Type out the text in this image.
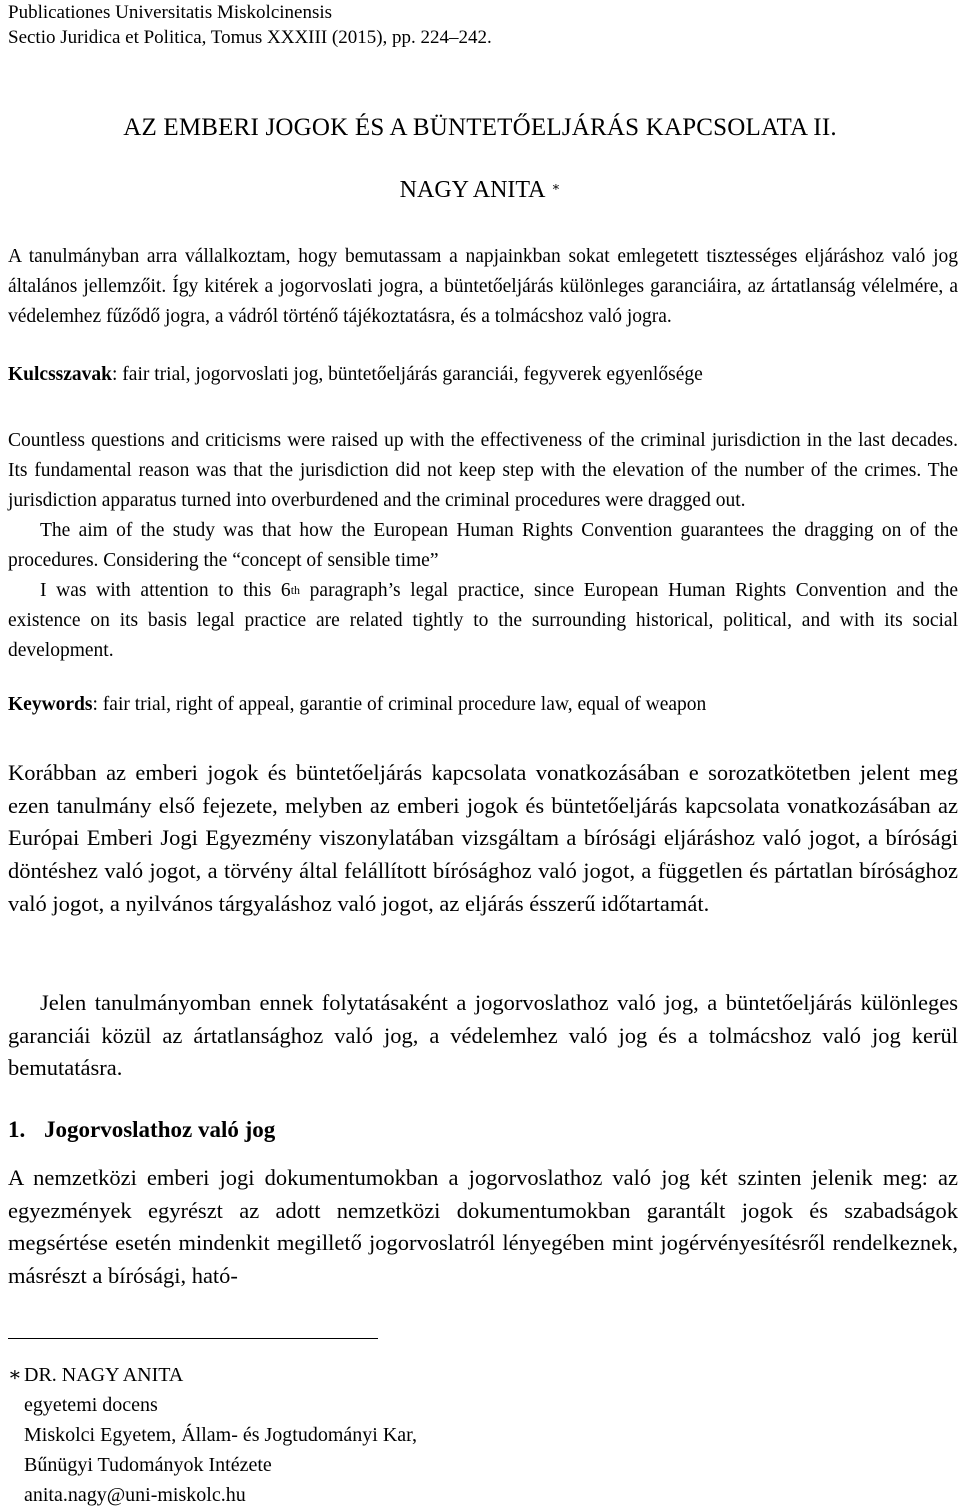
Publicationes Universitatis Miskolcinensis
Sectio Juridica et Politica, Tomus XXXIII (2015), pp. 224–242.
AZ EMBERI JOGOK ÉS A BÜNTETŐELJÁRÁS KAPCSOLATA II.
NAGY ANITA ∗
A tanulmányban arra vállalkoztam, hogy bemutassam a napjainkban sokat emlegetett tisztességes eljáráshoz való jog általános jellemzőit. Így kitérek a jogorvoslati jogra, a büntetőeljárás különleges garanciáira, az ártatlanság vélelmére, a védelemhez fűződő jogra, a vádról történő tájékoztatásra, és a tolmácshoz való jogra.
Kulcsszavak: fair trial, jogorvoslati jog, büntetőeljárás garanciái, fegyverek egyenlősége

Countless questions and criticisms were raised up with the effectiveness of the criminal jurisdiction in the last decades. Its fundamental reason was that the jurisdiction did not keep step with the elevation of the number of the crimes. The jurisdiction apparatus turned into overburdened and the criminal procedures were dragged out.

The aim of the study was that how the European Human Rights Convention guarantees the dragging on of the procedures. Considering the “concept of sensible time”

I was with attention to this 6th paragraph’s legal practice, since European Human Rights Convention and the existence on its basis legal practice are related tightly to the surrounding historical, political, and with its social development.

Keywords: fair trial, right of appeal, garantie of criminal procedure law, equal of weapon
Korábban az emberi jogok és büntetőeljárás kapcsolata vonatkozásában e sorozatkötetben jelent meg ezen tanulmány első fejezete, melyben az emberi jogok és büntetőeljárás kapcsolata vonatkozásában az Európai Emberi Jogi Egyezmény viszonylatában vizsgáltam a bírósági eljáráshoz való jogot, a bírósági döntéshez való jogot, a törvény által felállított bírósághoz való jogot, a független és pártatlan bírósághoz való jogot, a nyilvános tárgyaláshoz való jogot, az eljárás ésszerű időtartamát.
Jelen tanulmányomban ennek folytatásaként a jogorvoslathoz való jog, a büntetőeljárás különleges garanciái közül az ártatlansághoz való jog, a védelemhez való jog és a tolmácshoz való jog kerül bemutatásra.
1. Jogorvoslathoz való jog
A nemzetközi emberi jogi dokumentumokban a jogorvoslathoz való jog két szinten jelenik meg: az egyezmények egyrészt az adott nemzetközi dokumentumokban garantált jogok és szabadságok megsértése esetén mindenkit megillető jogorvoslatról lényegében mint jogérvényesítésről rendelkeznek, másrészt a bírósági, ható-
∗ DR. NAGY ANITA
egyetemi docens
Miskolci Egyetem, Állam- és Jogtudományi Kar,
Bűnügyi Tudományok Intézete
anita.nagy@uni-miskolc.hu
